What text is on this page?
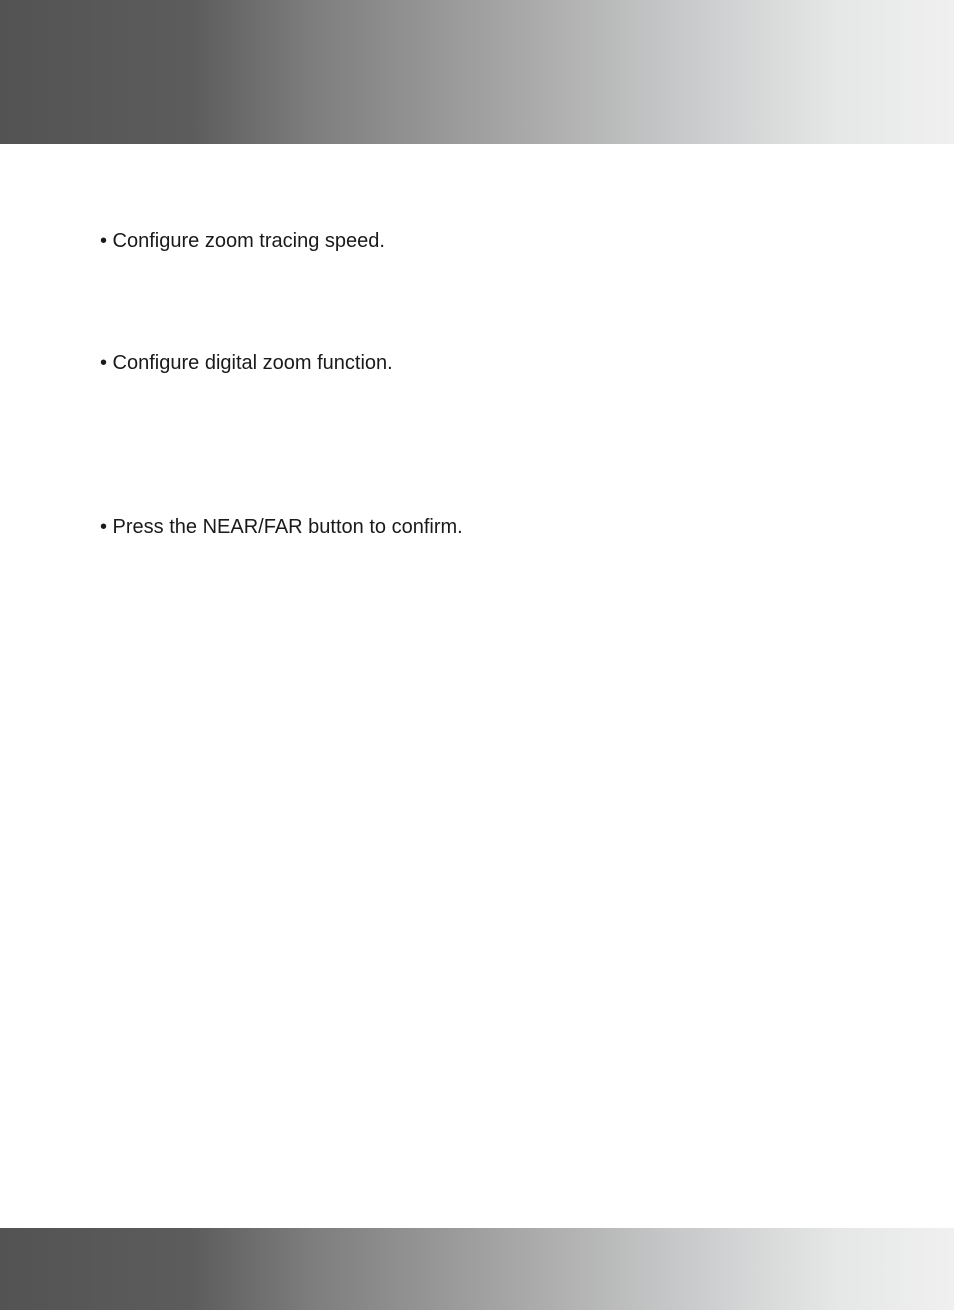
• Configure zoom tracing speed.

• Configure digital zoom function.

• Press the NEAR/FAR button to confirm.
